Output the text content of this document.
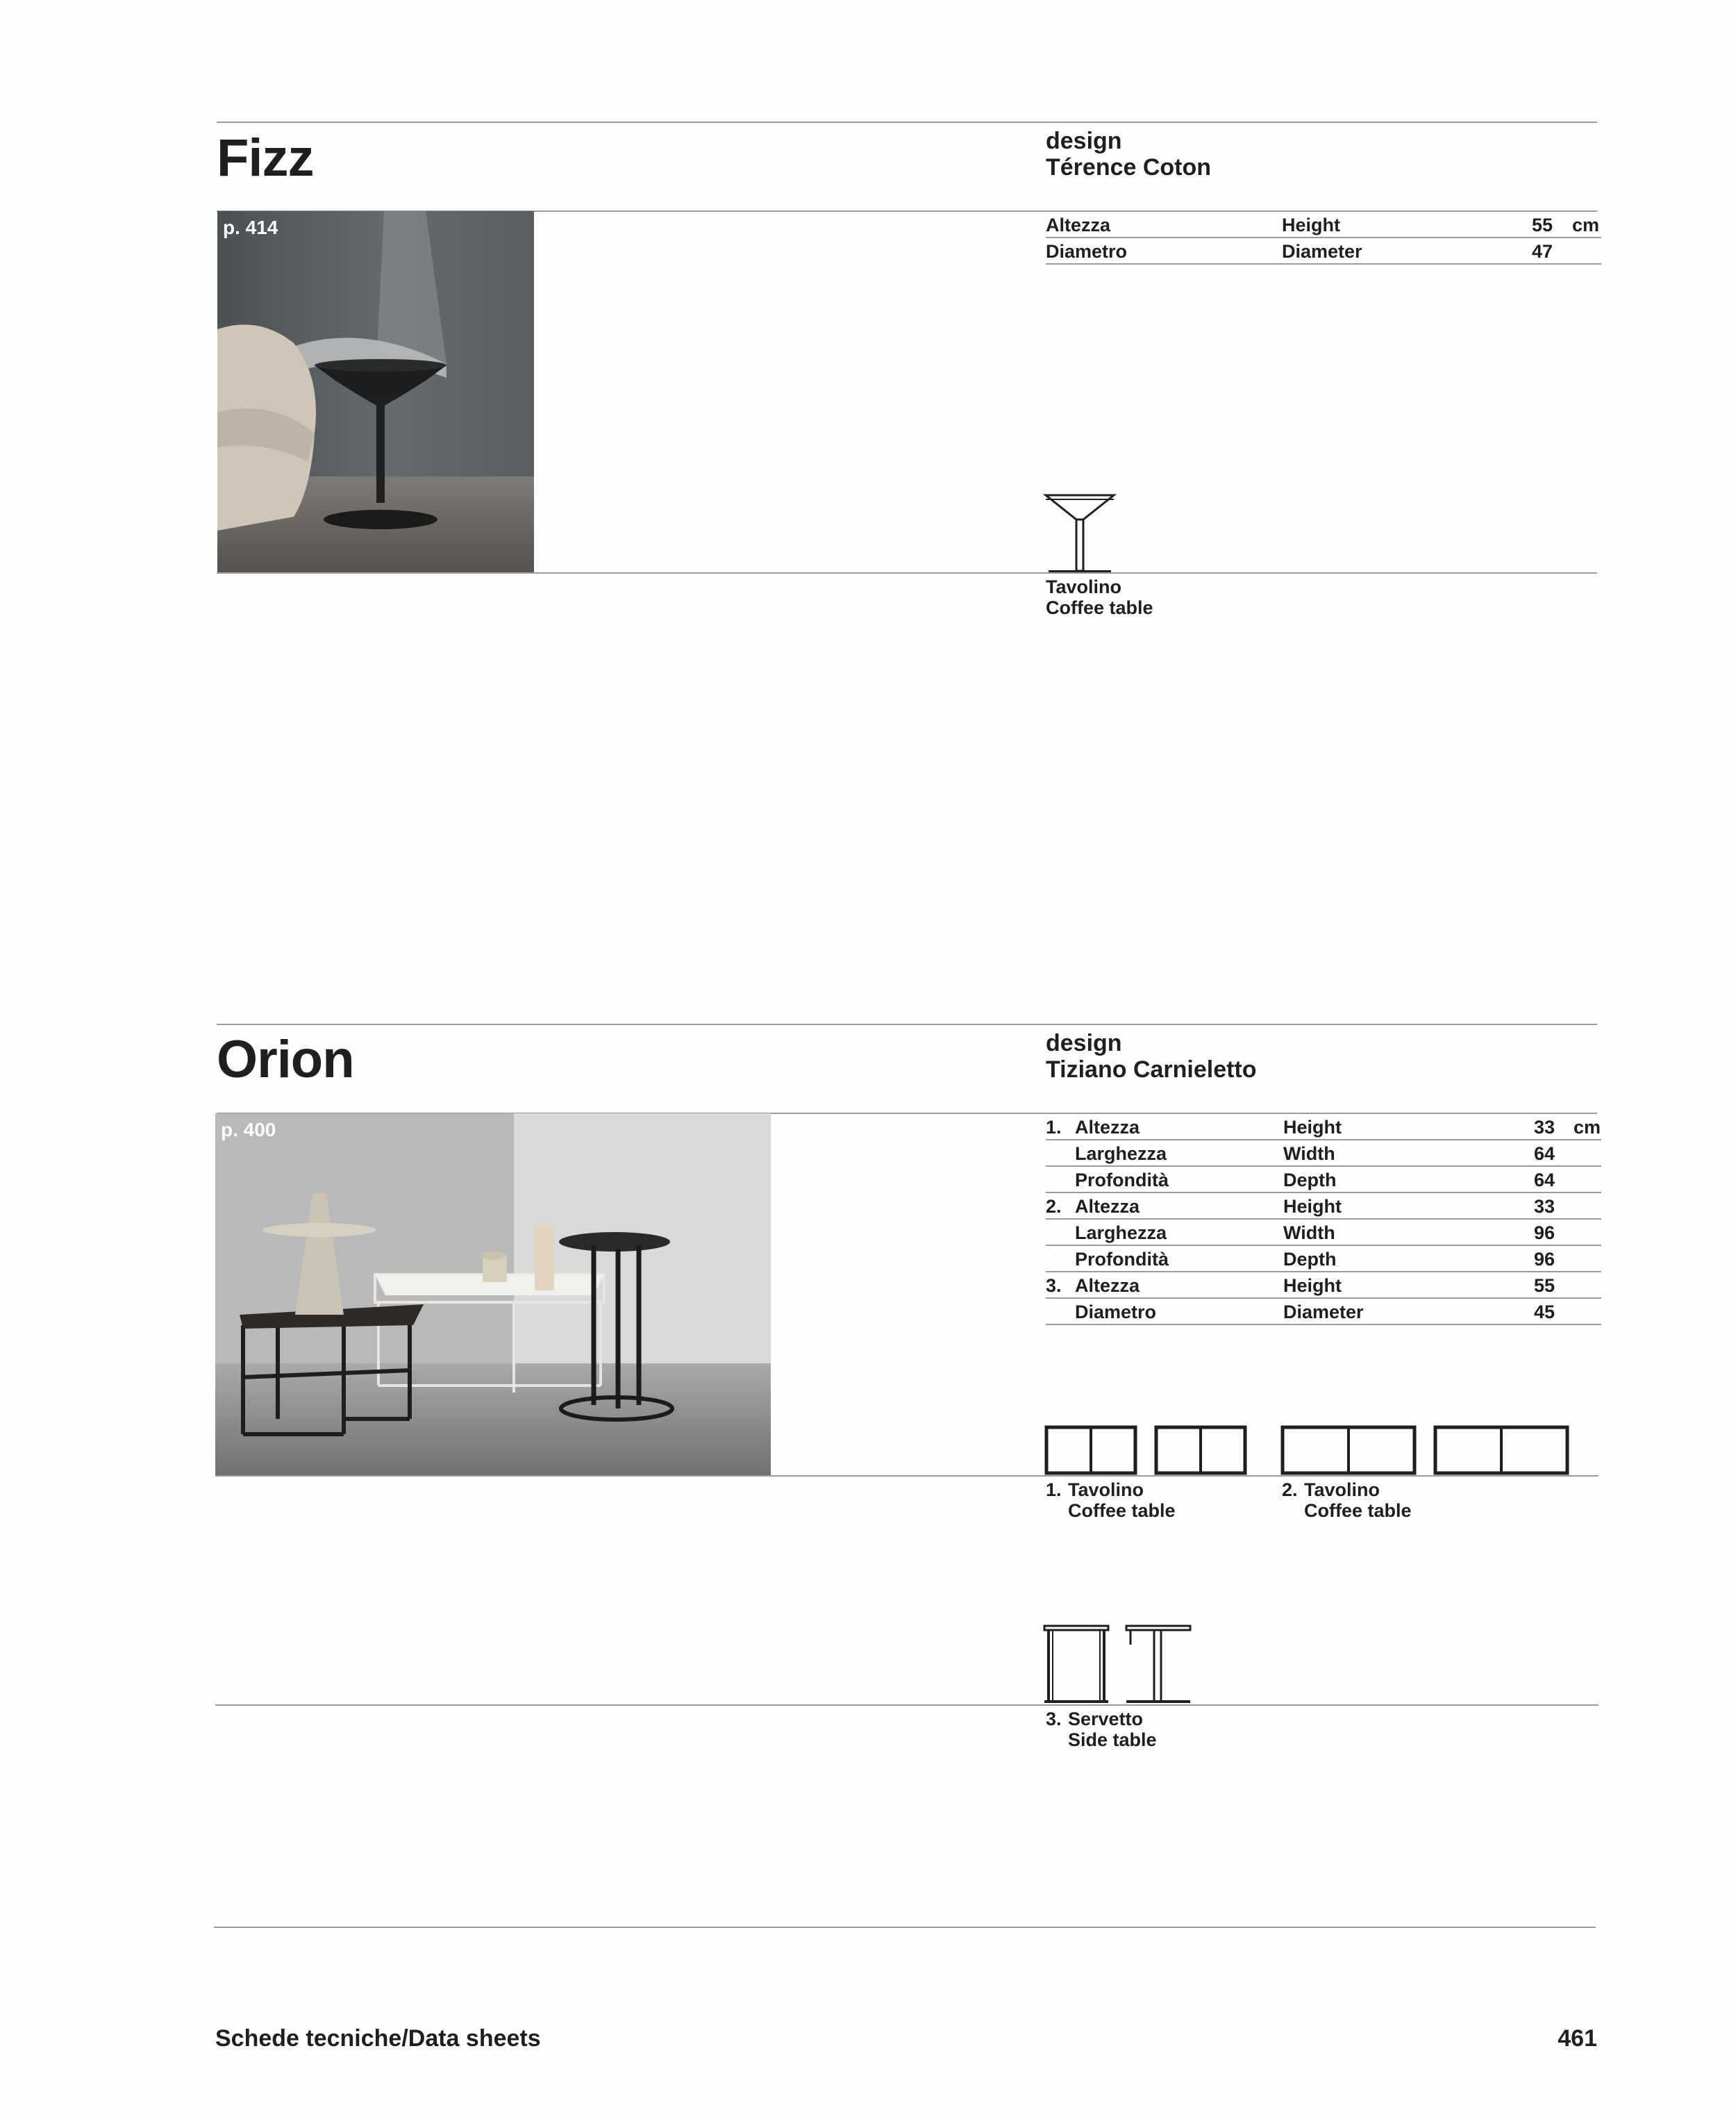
Fizz	design
Térence Coton
p. 414	Altezza	Height	55 cm
Diametro	Diameter	47
Tavolino
Coffee table
Orion	design
Tiziano Carnieletto
p. 400	1. Altezza	Height	33 cm
Larghezza	Width	64
Profondità	Depth	64
2. Altezza	Height	33
Larghezza	Width	96
Profondità	Depth	96
3. Altezza	Height	55
Diametro	Diameter	45
1. Tavolino
Coffee table
2. Tavolino
Coffee table
3. Servetto
Side table
Schede tecniche/Data sheets	461
